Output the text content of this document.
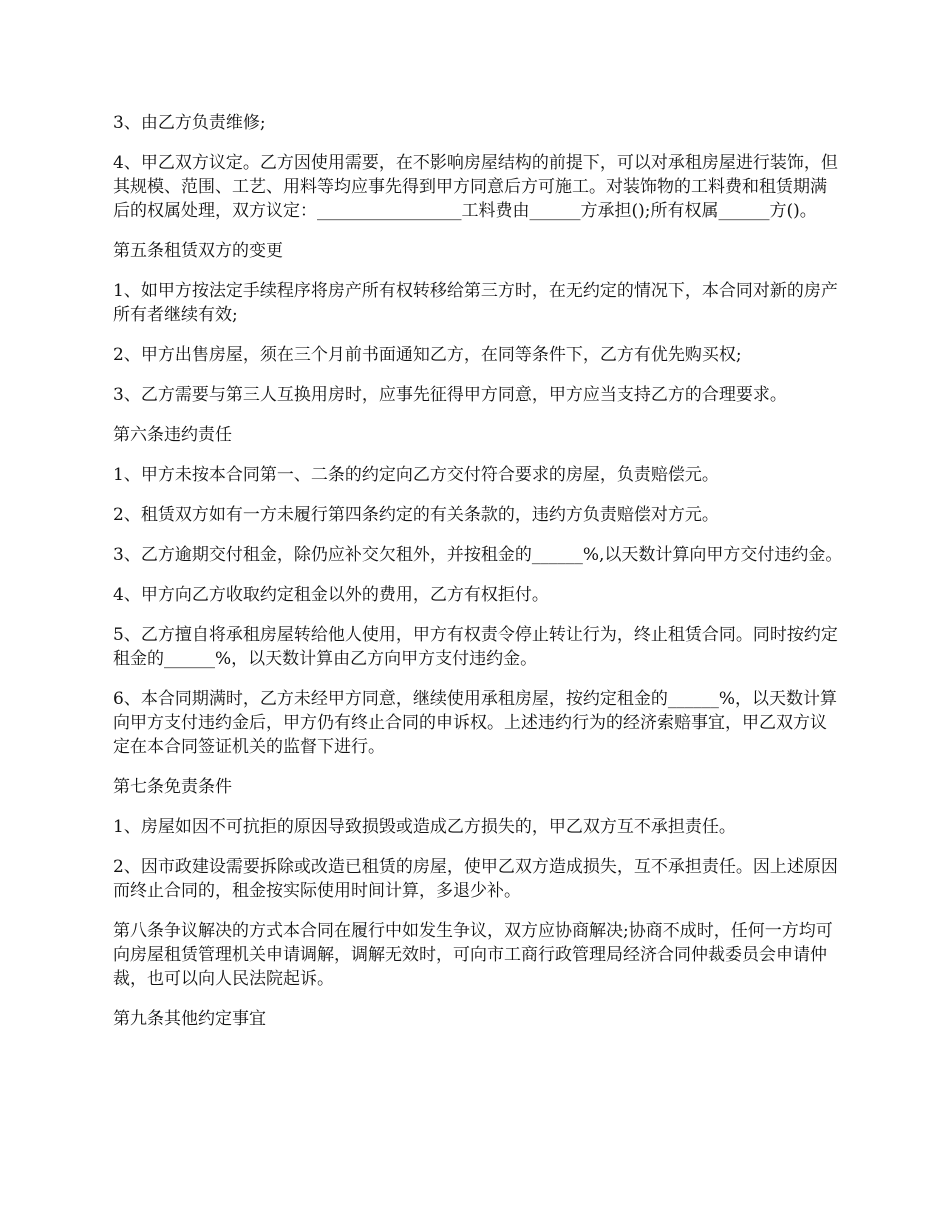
3、由乙方负责维修;

4、甲乙双方议定。乙方因使用需要，在不影响房屋结构的前提下，可以对承租房屋进行装饰，但其规模、范围、工艺、用料等均应事先得到甲方同意后方可施工。对装饰物的工料费和租赁期满后的权属处理，双方议定：_________________工料费由______方承担();所有权属______方()。

第五条租赁双方的变更

1、如甲方按法定手续程序将房产所有权转移给第三方时，在无约定的情况下，本合同对新的房产所有者继续有效;

2、甲方出售房屋，须在三个月前书面通知乙方，在同等条件下，乙方有优先购买权;

3、乙方需要与第三人互换用房时，应事先征得甲方同意，甲方应当支持乙方的合理要求。

第六条违约责任

1、甲方未按本合同第一、二条的约定向乙方交付符合要求的房屋，负责赔偿元。

2、租赁双方如有一方未履行第四条约定的有关条款的，违约方负责赔偿对方元。

3、乙方逾期交付租金，除仍应补交欠租外，并按租金的______%,以天数计算向甲方交付违约金。

4、甲方向乙方收取约定租金以外的费用，乙方有权拒付。

5、乙方擅自将承租房屋转给他人使用，甲方有权责令停止转让行为，终止租赁合同。同时按约定租金的______%，以天数计算由乙方向甲方支付违约金。

6、本合同期满时，乙方未经甲方同意，继续使用承租房屋，按约定租金的______%，以天数计算向甲方支付违约金后，甲方仍有终止合同的申诉权。上述违约行为的经济索赔事宜，甲乙双方议定在本合同签证机关的监督下进行。

第七条免责条件

1、房屋如因不可抗拒的原因导致损毁或造成乙方损失的，甲乙双方互不承担责任。

2、因市政建设需要拆除或改造已租赁的房屋，使甲乙双方造成损失，互不承担责任。因上述原因而终止合同的，租金按实际使用时间计算，多退少补。

第八条争议解决的方式本合同在履行中如发生争议，双方应协商解决;协商不成时，任何一方均可向房屋租赁管理机关申请调解，调解无效时，可向市工商行政管理局经济合同仲裁委员会申请仲裁，也可以向人民法院起诉。

第九条其他约定事宜
